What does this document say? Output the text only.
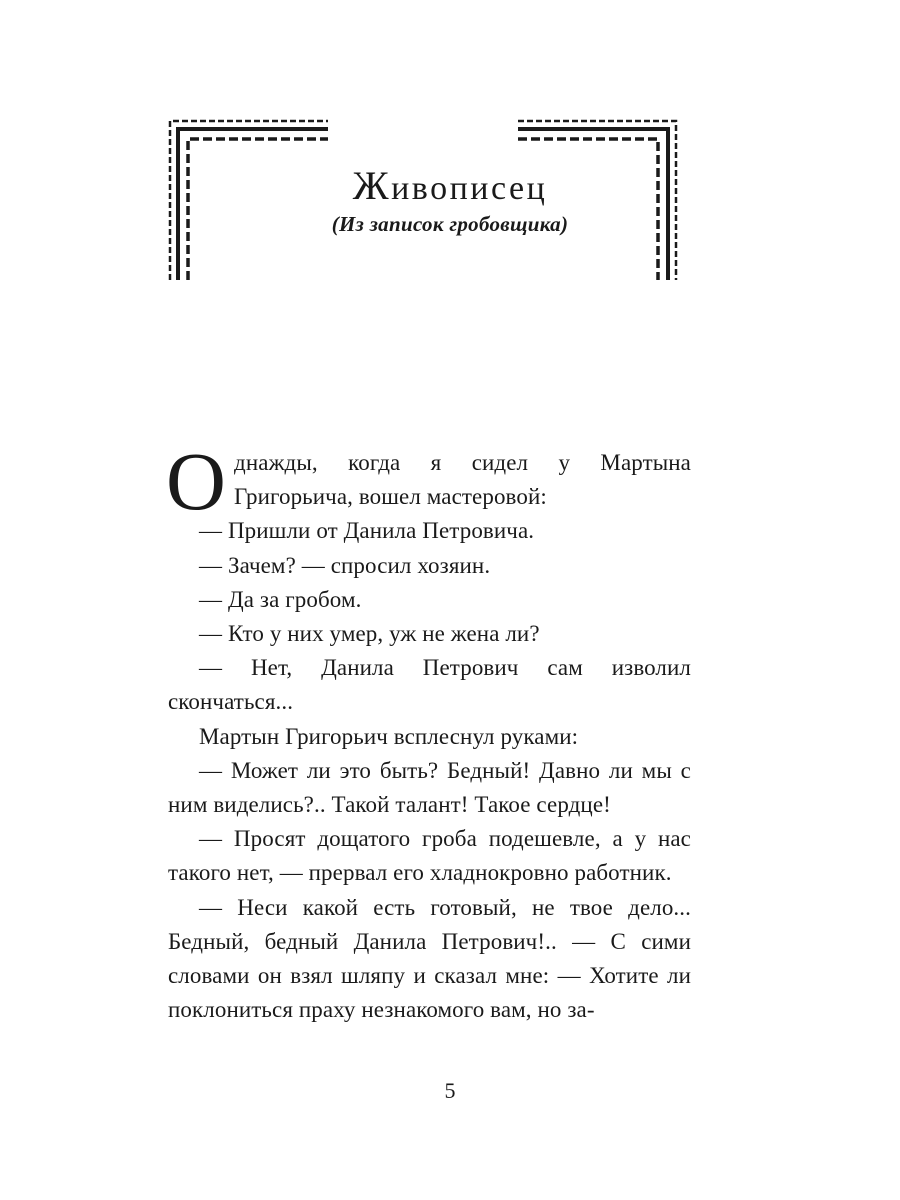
Живописец
(Из записок гробовщика)

Однажды, когда я сидел у Мартына Григорьича, вошел мастеровой:

— Пришли от Данила Петровича.

— Зачем? — спросил хозяин.

— Да за гробом.

— Кто у них умер, уж не жена ли?

— Нет, Данила Петрович сам изволил скончаться...

Мартын Григорьич всплеснул руками:

— Может ли это быть? Бедный! Давно ли мы с ним виделись?.. Такой талант! Такое сердце!

— Просят дощатого гроба подешевле, а у нас такого нет, — прервал его хладнокровно работник.

— Неси какой есть готовый, не твое дело... Бедный, бедный Данила Петрович!.. — С сими словами он взял шляпу и сказал мне: — Хотите ли поклониться праху незнакомого вам, но за-

5
